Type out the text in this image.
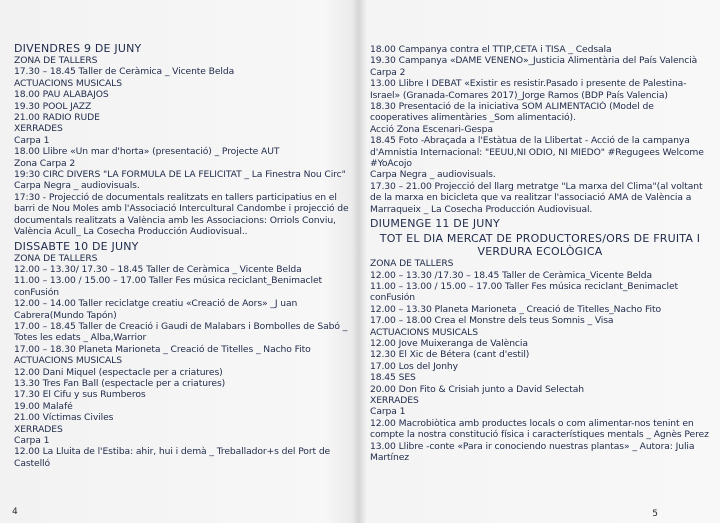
DIVENDRES 9 DE JUNY
ZONA DE TALLERS
17.30 – 18.45 Taller de Ceràmica _ Vicente Belda
ACTUACIONS MUSICALS
18.00 PAU ALABAJOS
19.30 POOL JAZZ
21.00 RADIO RUDE
XERRADES
Carpa 1
18.00 Llibre «Un mar d'horta» (presentació) _ Projecte AUT
Zona Carpa 2
19:30 CIRC DIVERS "LA FORMULA DE LA FELICITAT _ La Finestra Nou Circ"
Carpa Negra _ audiovisuals.
17:30 - Projecció de documentals realitzats en tallers participatius en el barri de Nou Moles amb l'Associació Intercultural Candombe i projecció de documentals realitzats a València amb les Associacions: Orriols Conviu, València Acull_ La Cosecha Producción Audiovisual..
DISSABTE 10 DE JUNY
ZONA DE TALLERS
12.00 – 13.30/ 17.30 – 18.45 Taller de Ceràmica _ Vicente Belda
11.00 – 13.00 / 15.00 – 17.00 Taller Fes música reciclant_Benimaclet conFusión
12.00 – 14.00 Taller reciclatge creatiu «Creació de Aors» _J uan Cabrera(Mundo Tapón)
17.00 – 18.45 Taller de Creació i Gaudi de Malabars i Bombolles de Sabó _ Totes les edats _ Alba,Warrior
17.00 – 18.30 Planeta Marioneta _ Creació de Titelles _ Nacho Fito
ACTUACIONS MUSICALS
12.00 Dani Miquel (espectacle per a criatures)
13.30 Tres Fan Ball (espectacle per a criatures)
17.30 El Cifu y sus Rumberos
19.00 Malafé
21.00 Víctimas Civiles
XERRADES
Carpa 1
12.00 La Lluita de l'Estiba: ahir, hui i demà _ Treballador+s del Port de Castelló
18.00 Campanya contra el TTIP,CETA i TISA _ Cedsala
19.30 Campanya «DAME VENENO»_Justicia Alimentària del País Valencià
Carpa 2
13.00 Llibre I DEBAT «Existir es resistir.Pasado i presente de Palestina-Israel» (Granada-Comares 2017)_Jorge Ramos (BDP País Valencia)
18.30 Presentació de la iniciativa SOM ALIMENTACIÓ (Model de cooperatives alimentàries _Som alimentació).
Acció Zona Escenari-Gespa
18.45 Foto -Abraçada a l'Estàtua de la Llibertat - Acció de la campanya d'Amnistia Internacional: "EEUU,NI ODIO, NI MIEDO" #Regugees Welcome #YoAcojo
Carpa Negra _ audiovisuals.
17.30 – 21.00 Projecció del llarg metratge "La marxa del Clima"(al voltant de la marxa en bicicleta que va realitzar l'associació AMA de València a Marraqueix _ La Cosecha Producción Audiovisual.
DIUMENGE 11 DE JUNY
TOT EL DIA MERCAT DE PRODUCTORES/ORS DE FRUITA I VERDURA ECOLÒGICA
ZONA DE TALLERS
12.00 – 13.30 /17.30 – 18.45 Taller de Ceràmica_Vicente Belda
11.00 – 13.00 / 15.00 – 17.00 Taller Fes música reciclant_Benimaclet conFusión
12.00 – 13.30 Planeta Marioneta _ Creació de Titelles_Nacho Fito
17.00 – 18.00 Crea el Monstre dels teus Somnis _ Visa
ACTUACIONS MUSICALS
12.00 Jove Muixeranga de València
12.30 El Xic de Bétera (cant d'estil)
17.00 Los del Jonhy
18.45 SES
20.00 Don Fito & Crisiah junto a David Selectah
XERRADES
Carpa 1
12.00 Macrobiòtica amb productes locals o com alimentar-nos tenint en compte la nostra constitució física i característiques mentals _ Agnès Perez
13.00 Llibre -conte «Para ir conociendo nuestras plantas» _ Autora: Julia Martínez
4	5
